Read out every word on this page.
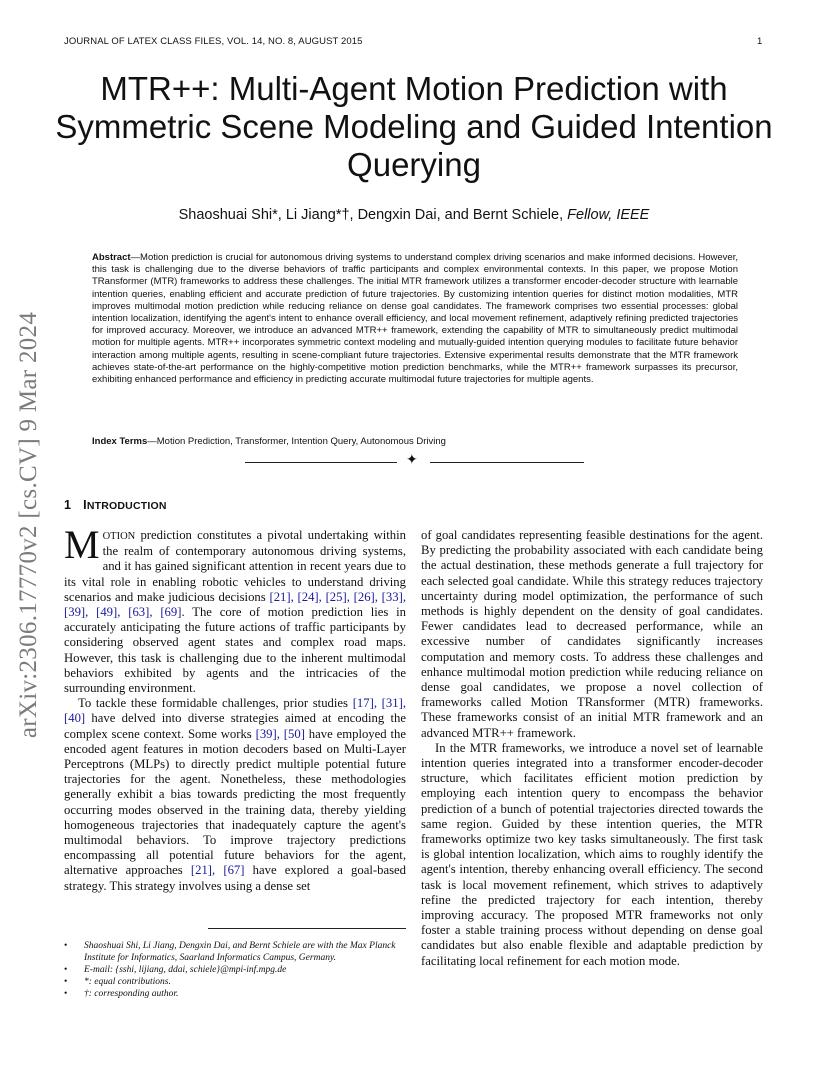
JOURNAL OF LATEX CLASS FILES, VOL. 14, NO. 8, AUGUST 2015	1
arXiv:2306.17770v2 [cs.CV] 9 Mar 2024
MTR++: Multi-Agent Motion Prediction with
Symmetric Scene Modeling and Guided Intention
Querying
Shaoshuai Shi*, Li Jiang*†, Dengxin Dai, and Bernt Schiele, Fellow, IEEE
Abstract—Motion prediction is crucial for autonomous driving systems to understand complex driving scenarios and make informed decisions. However, this task is challenging due to the diverse behaviors of traffic participants and complex environmental contexts. In this paper, we propose Motion TRansformer (MTR) frameworks to address these challenges. The initial MTR framework utilizes a transformer encoder-decoder structure with learnable intention queries, enabling efficient and accurate prediction of future trajectories. By customizing intention queries for distinct motion modalities, MTR improves multimodal motion prediction while reducing reliance on dense goal candidates. The framework comprises two essential processes: global intention localization, identifying the agent's intent to enhance overall efficiency, and local movement refinement, adaptively refining predicted trajectories for improved accuracy. Moreover, we introduce an advanced MTR++ framework, extending the capability of MTR to simultaneously predict multimodal motion for multiple agents. MTR++ incorporates symmetric context modeling and mutually-guided intention querying modules to facilitate future behavior interaction among multiple agents, resulting in scene-compliant future trajectories. Extensive experimental results demonstrate that the MTR framework achieves state-of-the-art performance on the highly-competitive motion prediction benchmarks, while the MTR++ framework surpasses its precursor, exhibiting enhanced performance and efficiency in predicting accurate multimodal future trajectories for multiple agents.
Index Terms—Motion Prediction, Transformer, Intention Query, Autonomous Driving
✦
1 INTRODUCTION

MOTION prediction constitutes a pivotal undertaking within the realm of contemporary autonomous driving systems, and it has gained significant attention in recent years due to its vital role in enabling robotic vehicles to understand driving scenarios and make judicious decisions [21], [24], [25], [26], [33], [39], [49], [63], [69]. The core of motion prediction lies in accurately anticipating the future actions of traffic participants by considering observed agent states and complex road maps. However, this task is challenging due to the inherent multimodal behaviors exhibited by agents and the intricacies of the surrounding environment.

To tackle these formidable challenges, prior studies [17], [31], [40] have delved into diverse strategies aimed at encoding the complex scene context. Some works [39], [50] have employed the encoded agent features in motion decoders based on Multi-Layer Perceptrons (MLPs) to directly predict multiple potential future trajectories for the agent. Nonetheless, these methodologies generally exhibit a bias towards predicting the most frequently occurring modes observed in the training data, thereby yielding homogeneous trajectories that inadequately capture the agent's multimodal behaviors. To improve trajectory predictions encompassing all potential future behaviors for the agent, alternative approaches [21], [67] have explored a goal-based strategy. This strategy involves using a dense set

• Shaoshuai Shi, Li Jiang, Dengxin Dai, and Bernt Schiele are with the Max Planck Institute for Informatics, Saarland Informatics Campus, Germany.
• E-mail: {sshi, lijiang, ddai, schiele}@mpi-inf.mpg.de
• *: equal contributions.
• †: corresponding author.

of goal candidates representing feasible destinations for the agent. By predicting the probability associated with each candidate being the actual destination, these methods generate a full trajectory for each selected goal candidate. While this strategy reduces trajectory uncertainty during model optimization, the performance of such methods is highly dependent on the density of goal candidates. Fewer candidates lead to decreased performance, while an excessive number of candidates significantly increases computation and memory costs. To address these challenges and enhance multimodal motion prediction while reducing reliance on dense goal candidates, we propose a novel collection of frameworks called Motion TRansformer (MTR) frameworks. These frameworks consist of an initial MTR framework and an advanced MTR++ framework.

In the MTR frameworks, we introduce a novel set of learnable intention queries integrated into a transformer encoder-decoder structure, which facilitates efficient motion prediction by employing each intention query to encompass the behavior prediction of a bunch of potential trajectories directed towards the same region. Guided by these intention queries, the MTR frameworks optimize two key tasks simultaneously. The first task is global intention localization, which aims to roughly identify the agent's intention, thereby enhancing overall efficiency. The second task is local movement refinement, which strives to adaptively refine the predicted trajectory for each intention, thereby improving accuracy. The proposed MTR frameworks not only foster a stable training process without depending on dense goal candidates but also enable flexible and adaptable prediction by facilitating local refinement for each motion mode.
